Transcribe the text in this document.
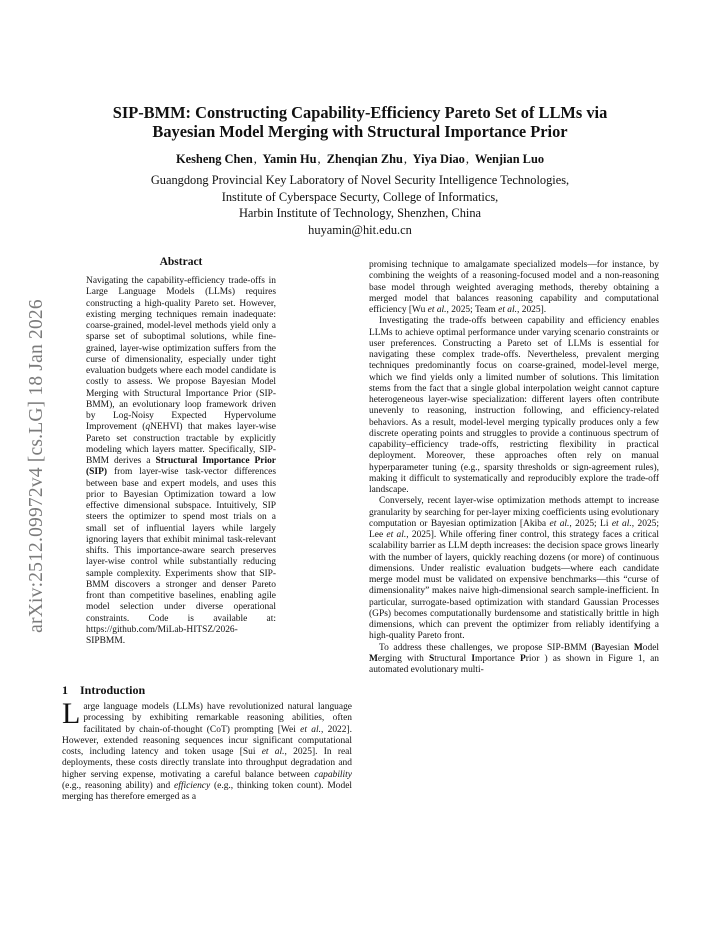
arXiv:2512.09972v4 [cs.LG] 18 Jan 2026
SIP-BMM: Constructing Capability-Efficiency Pareto Set of LLMs via
Bayesian Model Merging with Structural Importance Prior
Kesheng Chen, Yamin Hu, Zhenqian Zhu, Yiya Diao, Wenjian Luo
Guangdong Provincial Key Laboratory of Novel Security Intelligence Technologies,
Institute of Cyberspace Securty, College of Informatics,
Harbin Institute of Technology, Shenzhen, China
huyamin@hit.edu.cn
Abstract

Navigating the capability-efficiency trade-offs in Large Language Models (LLMs) requires constructing a high-quality Pareto set. However, existing merging techniques remain inadequate: coarse-grained, model-level methods yield only a sparse set of suboptimal solutions, while fine-grained, layer-wise optimization suffers from the curse of dimensionality, especially under tight evaluation budgets where each model candidate is costly to assess. We propose Bayesian Model Merging with Structural Importance Prior (SIP-BMM), an evolutionary loop framework driven by Log-Noisy Expected Hypervolume Improvement (qNEHVI) that makes layer-wise Pareto set construction tractable by explicitly modeling which layers matter. Specifically, SIP-BMM derives a Structural Importance Prior (SIP) from layer-wise task-vector differences between base and expert models, and uses this prior to Bayesian Optimization toward a low effective dimensional subspace. Intuitively, SIP steers the optimizer to spend most trials on a small set of influential layers while largely ignoring layers that exhibit minimal task-relevant shifts. This importance-aware search preserves layer-wise control while substantially reducing sample complexity. Experiments show that SIP-BMM discovers a stronger and denser Pareto front than competitive baselines, enabling agile model selection under diverse operational constraints. Code is available at: https://github.com/MiLab-HITSZ/2026-SIPBMM.

1 Introduction

Large language models (LLMs) have revolutionized natural language processing by exhibiting remarkable reasoning abilities, often facilitated by chain-of-thought (CoT) prompting [Wei et al., 2022]. However, extended reasoning sequences incur significant computational costs, including latency and token usage [Sui et al., 2025]. In real deployments, these costs directly translate into throughput degradation and higher serving expense, motivating a careful balance between capability (e.g., reasoning ability) and efficiency (e.g., thinking token count). Model merging has therefore emerged as a

promising technique to amalgamate specialized models—for instance, by combining the weights of a reasoning-focused model and a non-reasoning base model through weighted averaging methods, thereby obtaining a merged model that balances reasoning capability and computational efficiency [Wu et al., 2025; Team et al., 2025].

Investigating the trade-offs between capability and efficiency enables LLMs to achieve optimal performance under varying scenario constraints or user preferences. Constructing a Pareto set of LLMs is essential for navigating these complex trade-offs. Nevertheless, prevalent merging techniques predominantly focus on coarse-grained, model-level merge, which we find yields only a limited number of solutions. This limitation stems from the fact that a single global interpolation weight cannot capture heterogeneous layer-wise specialization: different layers often contribute unevenly to reasoning, instruction following, and efficiency-related behaviors. As a result, model-level merging typically produces only a few discrete operating points and struggles to provide a continuous spectrum of capability–efficiency trade-offs, restricting flexibility in practical deployment. Moreover, these approaches often rely on manual hyperparameter tuning (e.g., sparsity thresholds or sign-agreement rules), making it difficult to systematically and reproducibly explore the trade-off landscape.

Conversely, recent layer-wise optimization methods attempt to increase granularity by searching for per-layer mixing coefficients using evolutionary computation or Bayesian optimization [Akiba et al., 2025; Li et al., 2025; Lee et al., 2025]. While offering finer control, this strategy faces a critical scalability barrier as LLM depth increases: the decision space grows linearly with the number of layers, quickly reaching dozens (or more) of continuous dimensions. Under realistic evaluation budgets—where each candidate merge model must be validated on expensive benchmarks—this “curse of dimensionality” makes naive high-dimensional search sample-inefficient. In particular, surrogate-based optimization with standard Gaussian Processes (GPs) becomes computationally burdensome and statistically brittle in high dimensions, which can prevent the optimizer from reliably identifying a high-quality Pareto front.

To address these challenges, we propose SIP-BMM (Bayesian Model Merging with Structural Importance Prior ) as shown in Figure 1, an automated evolutionary multi-
